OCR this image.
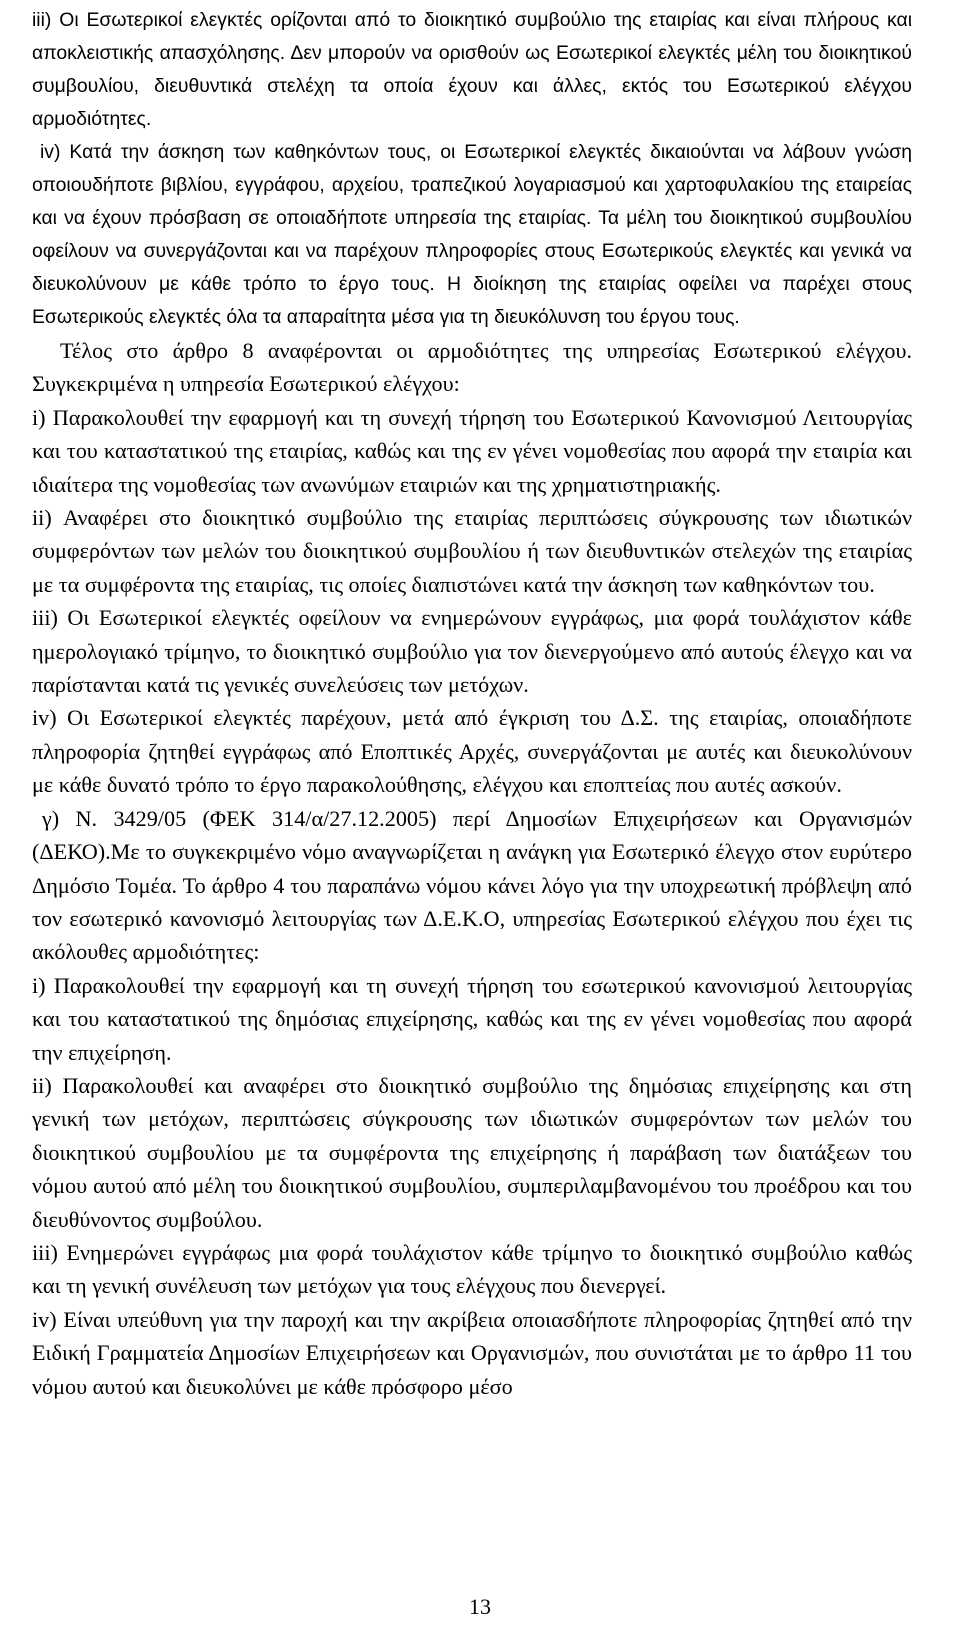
iii) Οι Εσωτερικοί ελεγκτές ορίζονται από το διοικητικό συμβούλιο της εταιρίας και είναι πλήρους και αποκλειστικής απασχόλησης. Δεν μπορούν να ορισθούν ως Εσωτερικοί ελεγκτές μέλη του διοικητικού συμβουλίου, διευθυντικά στελέχη τα οποία έχουν και άλλες, εκτός του Εσωτερικού ελέγχου αρμοδιότητες.

iv) Κατά την άσκηση των καθηκόντων τους, οι Εσωτερικοί ελεγκτές δικαιούνται να λάβουν γνώση οποιουδήποτε βιβλίου, εγγράφου, αρχείου, τραπεζικού λογαριασμού και χαρτοφυλακίου της εταιρείας και να έχουν πρόσβαση σε οποιαδήποτε υπηρεσία της εταιρίας. Τα μέλη του διοικητικού συμβουλίου οφείλουν να συνεργάζονται και να παρέχουν πληροφορίες στους Εσωτερικούς ελεγκτές και γενικά να διευκολύνουν με κάθε τρόπο το έργο τους. Η διοίκηση της εταιρίας οφείλει να παρέχει στους Εσωτερικούς ελεγκτές όλα τα απαραίτητα μέσα για τη διευκόλυνση του έργου τους.

Τέλος στο άρθρο 8 αναφέρονται οι αρμοδιότητες της υπηρεσίας Εσωτερικού ελέγχου. Συγκεκριμένα η υπηρεσία Εσωτερικού ελέγχου:

i) Παρακολουθεί την εφαρμογή και τη συνεχή τήρηση του Εσωτερικού Κανονισμού Λειτουργίας και του καταστατικού της εταιρίας, καθώς και της εν γένει νομοθεσίας που αφορά την εταιρία και ιδιαίτερα της νομοθεσίας των ανωνύμων εταιριών και της χρηματιστηριακής.

ii) Αναφέρει στο διοικητικό συμβούλιο της εταιρίας περιπτώσεις σύγκρουσης των ιδιωτικών συμφερόντων των μελών του διοικητικού συμβουλίου ή των διευθυντικών στελεχών της εταιρίας με τα συμφέροντα της εταιρίας, τις οποίες διαπιστώνει κατά την άσκηση των καθηκόντων του.

iii) Οι Εσωτερικοί ελεγκτές οφείλουν να ενημερώνουν εγγράφως, μια φορά τουλάχιστον κάθε ημερολογιακό τρίμηνο, το διοικητικό συμβούλιο για τον διενεργούμενο από αυτούς έλεγχο και να παρίστανται κατά τις γενικές συνελεύσεις των μετόχων.

iv) Οι Εσωτερικοί ελεγκτές παρέχουν, μετά από έγκριση του Δ.Σ. της εταιρίας, οποιαδήποτε πληροφορία ζητηθεί εγγράφως από Εποπτικές Αρχές, συνεργάζονται με αυτές και διευκολύνουν με κάθε δυνατό τρόπο το έργο παρακολούθησης, ελέγχου και εποπτείας που αυτές ασκούν.

γ) Ν. 3429/05 (ΦΕΚ 314/α/27.12.2005) περί Δημοσίων Επιχειρήσεων και Οργανισμών (ΔΕΚΟ).Με το συγκεκριμένο νόμο αναγνωρίζεται η ανάγκη για Εσωτερικό έλεγχο στον ευρύτερο Δημόσιο Τομέα. Το άρθρο 4 του παραπάνω νόμου κάνει λόγο για την υποχρεωτική πρόβλεψη από τον εσωτερικό κανονισμό λειτουργίας των Δ.Ε.Κ.Ο, υπηρεσίας Εσωτερικού ελέγχου που έχει τις ακόλουθες αρμοδιότητες:

i) Παρακολουθεί την εφαρμογή και τη συνεχή τήρηση του εσωτερικού κανονισμού λειτουργίας και του καταστατικού της δημόσιας επιχείρησης, καθώς και της εν γένει νομοθεσίας που αφορά την επιχείρηση.

ii) Παρακολουθεί και αναφέρει στο διοικητικό συμβούλιο της δημόσιας επιχείρησης και στη γενική των μετόχων, περιπτώσεις σύγκρουσης των ιδιωτικών συμφερόντων των μελών του διοικητικού συμβουλίου με τα συμφέροντα της επιχείρησης ή παράβαση των διατάξεων του νόμου αυτού από μέλη του διοικητικού συμβουλίου, συμπεριλαμβανομένου του προέδρου και του διευθύνοντος συμβούλου.

iii) Ενημερώνει εγγράφως μια φορά τουλάχιστον κάθε τρίμηνο το διοικητικό συμβούλιο καθώς και τη γενική συνέλευση των μετόχων για τους ελέγχους που διενεργεί.

iv) Είναι υπεύθυνη για την παροχή και την ακρίβεια οποιασδήποτε πληροφορίας ζητηθεί από την Ειδική Γραμματεία Δημοσίων Επιχειρήσεων και Οργανισμών, που συνιστάται με το άρθρο 11 του νόμου αυτού και διευκολύνει με κάθε πρόσφορο μέσο

13
